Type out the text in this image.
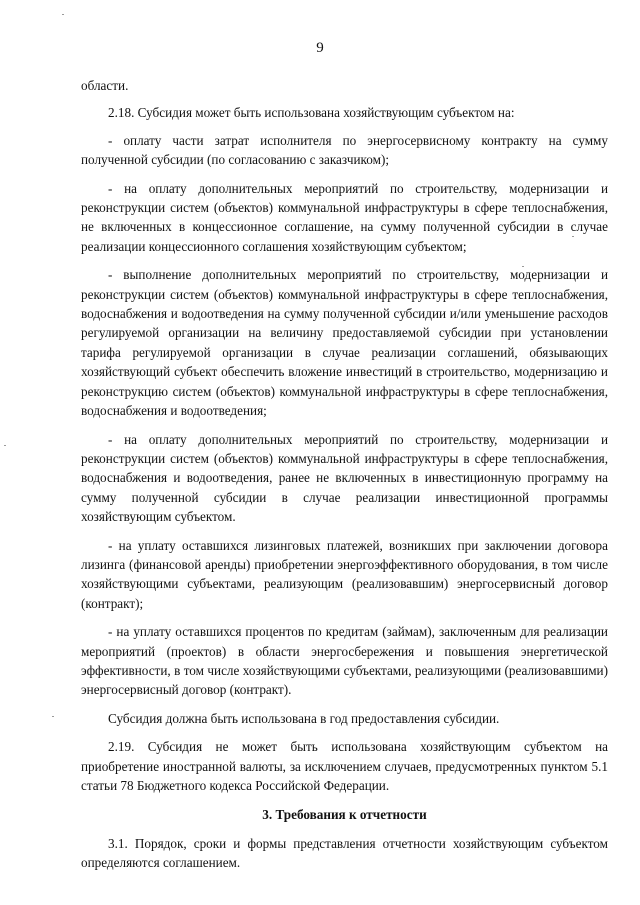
9

области.

2.18. Субсидия может быть использована хозяйствующим субъектом на:

- оплату части затрат исполнителя по энергосервисному контракту на сумму полученной субсидии (по согласованию с заказчиком);

- на оплату дополнительных мероприятий по строительству, модернизации и реконструкции систем (объектов) коммунальной инфраструктуры в сфере теплоснабжения, не включенных в концессионное соглашение, на сумму полученной субсидии в случае реализации концессионного соглашения хозяйствующим субъектом;

- выполнение дополнительных мероприятий по строительству, модернизации и реконструкции систем (объектов) коммунальной инфраструктуры в сфере теплоснабжения, водоснабжения и водоотведения на сумму полученной субсидии и/или уменьшение расходов регулируемой организации на величину предоставляемой субсидии при установлении тарифа регулируемой организации в случае реализации соглашений, обязывающих хозяйствующий субъект обеспечить вложение инвестиций в строительство, модернизацию и реконструкцию систем (объектов) коммунальной инфраструктуры в сфере теплоснабжения, водоснабжения и водоотведения;

- на оплату дополнительных мероприятий по строительству, модернизации и реконструкции систем (объектов) коммунальной инфраструктуры в сфере теплоснабжения, водоснабжения и водоотведения, ранее не включенных в инвестиционную программу на сумму полученной субсидии в случае реализации инвестиционной программы хозяйствующим субъектом.

- на уплату оставшихся лизинговых платежей, возникших при заключении договора лизинга (финансовой аренды) приобретении энергоэффективного оборудования, в том числе хозяйствующими субъектами, реализующим (реализовавшим) энергосервисный договор (контракт);

- на уплату оставшихся процентов по кредитам (займам), заключенным для реализации мероприятий (проектов) в области энергосбережения и повышения энергетической эффективности, в том числе хозяйствующими субъектами, реализующими (реализовавшими) энергосервисный договор (контракт).

Субсидия должна быть использована в год предоставления субсидии.

2.19. Субсидия не может быть использована хозяйствующим субъектом на приобретение иностранной валюты, за исключением случаев, предусмотренных пунктом 5.1 статьи 78 Бюджетного кодекса Российской Федерации.

3. Требования к отчетности

3.1. Порядок, сроки и формы представления отчетности хозяйствующим субъектом определяются соглашением.
